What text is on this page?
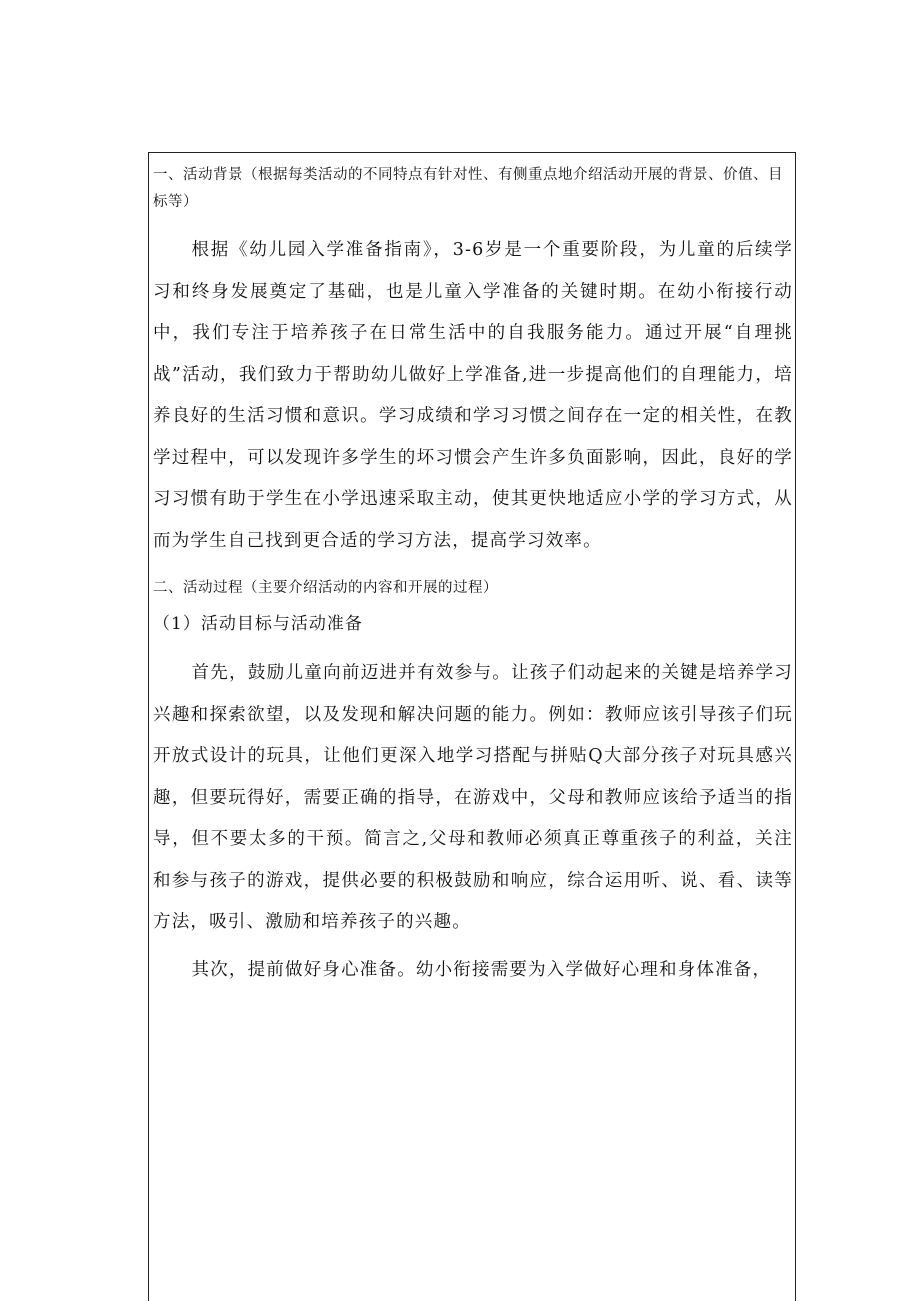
一、活动背景（根据每类活动的不同特点有针对性、有侧重点地介绍活动开展的背景、价值、目标等）

根据《幼儿园入学准备指南》，3-6岁是一个重要阶段，为儿童的后续学习和终身发展奠定了基础，也是儿童入学准备的关键时期。在幼小衔接行动中，我们专注于培养孩子在日常生活中的自我服务能力。通过开展“自理挑战”活动，我们致力于帮助幼儿做好上学准备,进一步提高他们的自理能力，培养良好的生活习惯和意识。学习成绩和学习习惯之间存在一定的相关性，在教学过程中，可以发现许多学生的坏习惯会产生许多负面影响，因此，良好的学习习惯有助于学生在小学迅速采取主动，使其更快地适应小学的学习方式，从而为学生自己找到更合适的学习方法，提高学习效率。

二、活动过程（主要介绍活动的内容和开展的过程）

（1）活动目标与活动准备

首先，鼓励儿童向前迈进并有效参与。让孩子们动起来的关键是培养学习兴趣和探索欲望，以及发现和解决问题的能力。例如：教师应该引导孩子们玩开放式设计的玩具，让他们更深入地学习搭配与拼贴Q大部分孩子对玩具感兴趣，但要玩得好，需要正确的指导，在游戏中，父母和教师应该给予适当的指导，但不要太多的干预。简言之,父母和教师必须真正尊重孩子的利益，关注和参与孩子的游戏，提供必要的积极鼓励和响应，综合运用听、说、看、读等方法，吸引、激励和培养孩子的兴趣。

其次，提前做好身心准备。幼小衔接需要为入学做好心理和身体准备，
